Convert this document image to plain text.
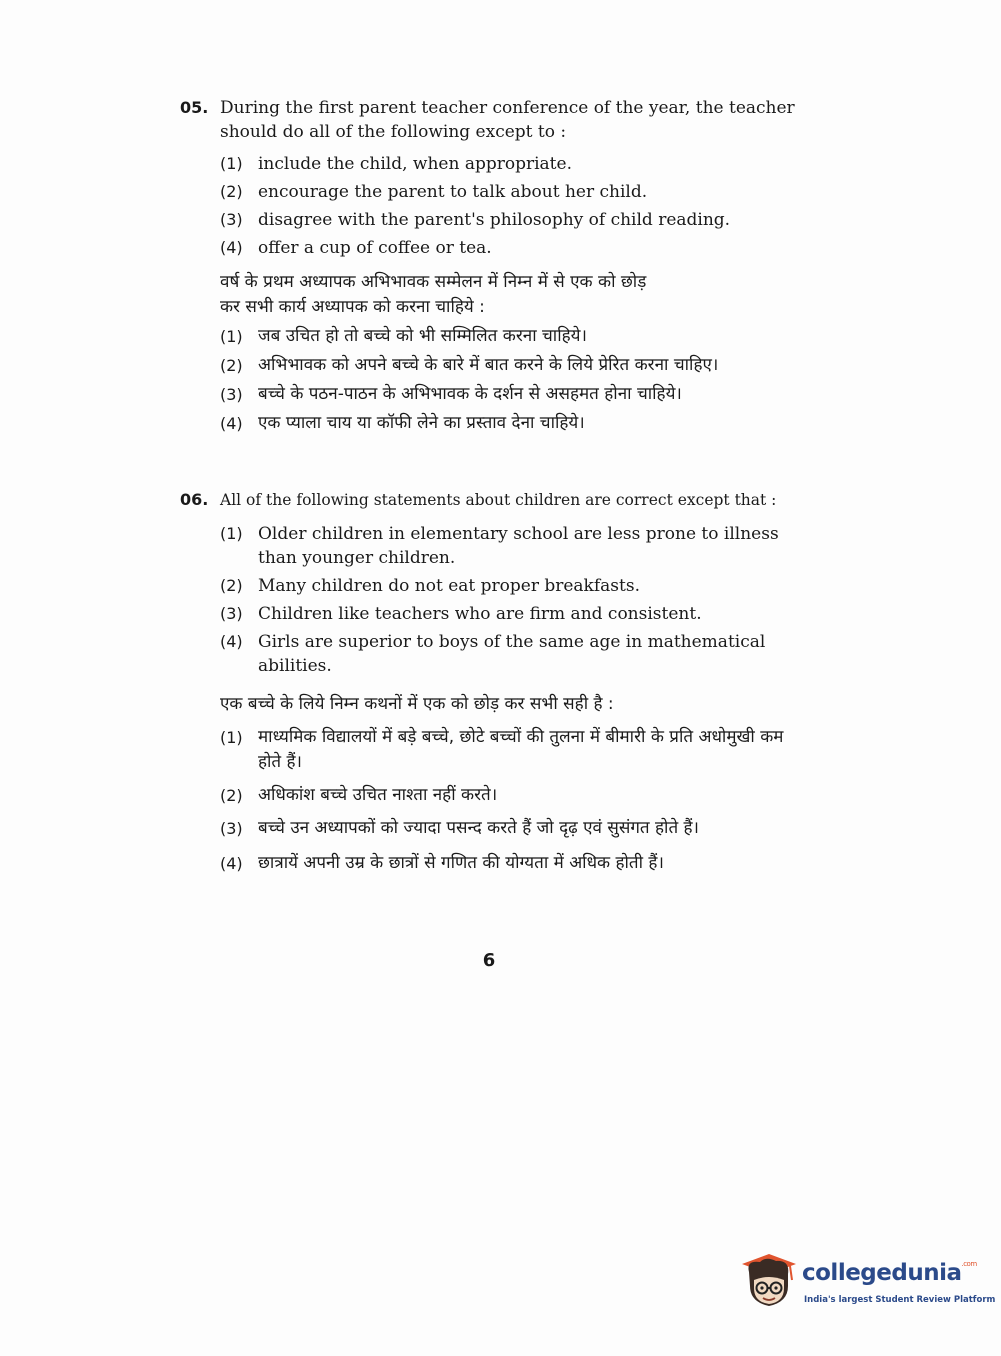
05. During the first parent teacher conference of the year, the teacher
should do all of the following except to :
(1) include the child, when appropriate.
(2) encourage the parent to talk about her child.
(3) disagree with the parent's philosophy of child reading.
(4) offer a cup of coffee or tea.
वर्ष के प्रथम अध्यापक अभिभावक सम्मेलन में निम्न में से एक को छोड़
कर सभी कार्य अध्यापक को करना चाहिये :
(1) जब उचित हो तो बच्चे को भी सम्मिलित करना चाहिये।
(2) अभिभावक को अपने बच्चे के बारे में बात करने के लिये प्रेरित करना चाहिए।
(3) बच्चे के पठन-पाठन के अभिभावक के दर्शन से असहमत होना चाहिये।
(4) एक प्याला चाय या कॉफी लेने का प्रस्ताव देना चाहिये।
06. All of the following statements about children are correct except that :
(1) Older children in elementary school are less prone to illness than younger children.
(2) Many children do not eat proper breakfasts.
(3) Children like teachers who are firm and consistent.
(4) Girls are superior to boys of the same age in mathematical abilities.
एक बच्चे के लिये निम्न कथनों में एक को छोड़ कर सभी सही है :
(1) माध्यमिक विद्यालयों में बड़े बच्चे, छोटे बच्चों की तुलना में बीमारी के प्रति अधोमुखी कम होते हैं।
(2) अधिकांश बच्चे उचित नाश्ता नहीं करते।
(3) बच्चे उन अध्यापकों को ज्यादा पसन्द करते हैं जो दृढ़ एवं सुसंगत होते हैं।
(4) छात्रायें अपनी उम्र के छात्रों से गणित की योग्यता में अधिक होती हैं।
6
collegedunia$^{.com}$
India's largest Student Review Platform
